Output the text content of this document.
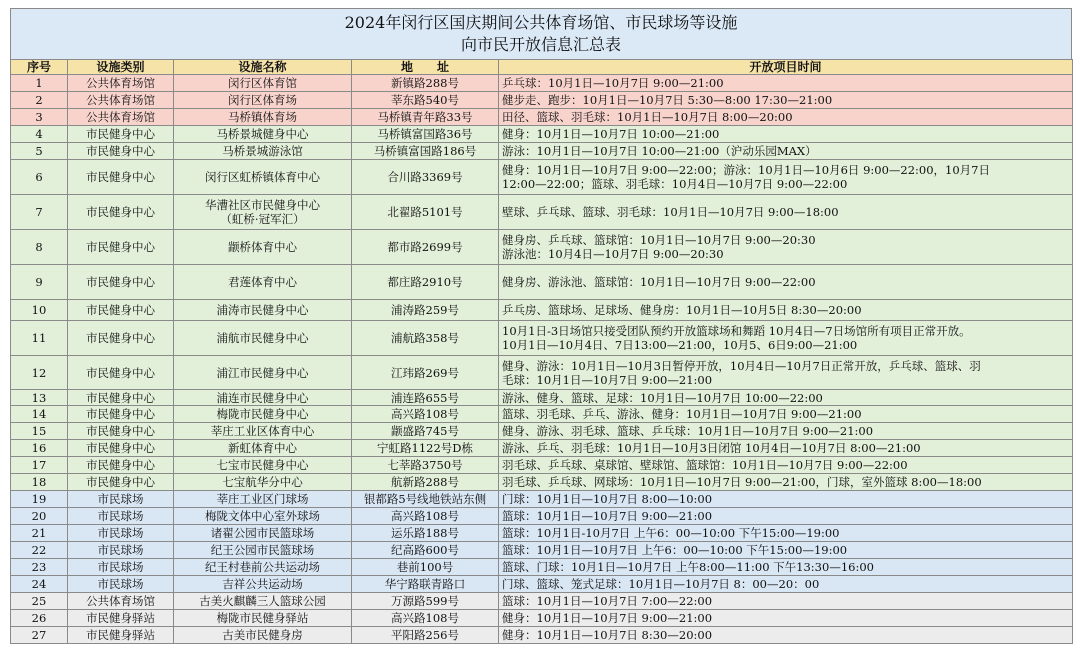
2024年闵行区国庆期间公共体育场馆、市民球场等设施
向市民开放信息汇总表
序号	设施类别	设施名称	地　　址	开放项目时间
1	公共体育场馆	闵行区体育馆	新镇路288号	乒乓球：10月1日—10月7日 9:00—21:00

2	公共体育场馆	闵行区体育场	莘东路540号	健步走、跑步：10月1日—10月7日 5:30—8:00 17:30—21:00

3	公共体育场馆	马桥镇体育场	马桥镇青年路33号	田径、篮球、羽毛球：10月1日—10月7日 8:00—20:00

4	市民健身中心	马桥景城健身中心	马桥镇富国路36号	健身：10月1日—10月7日 10:00—21:00

5	市民健身中心	马桥景城游泳馆	马桥镇富国路186号	游泳：10月1日—10月7日 10:00—21:00（沪动乐园MAX）

6	市民健身中心	闵行区虹桥镇体育中心	合川路3369号	健身：10月1日—10月7日 9:00—22:00；游泳：10月1日—10月6日 9:00—22:00，10月7日
12:00—22:00；篮球、羽毛球：10月4日—10月7日 9:00—22:00

7	市民健身中心	华漕社区市民健身中心
（虹桥·冠军汇）	北翟路5101号	壁球、乒乓球、篮球、羽毛球：10月1日—10月7日 9:00—18:00

8	市民健身中心	颛桥体育中心	都市路2699号	健身房、乒乓球、篮球馆：10月1日—10月7日 9:00—20:30
游泳池：10月4日—10月7日 9:00—20:30

9	市民健身中心	君莲体育中心	都庄路2910号	健身房、游泳池、篮球馆：10月1日—10月7日 9:00—22:00

10	市民健身中心	浦涛市民健身中心	浦涛路259号	乒乓房、篮球场、足球场、健身房：10月1日—10月5日 8:30—20:00

11	市民健身中心	浦航市民健身中心	浦航路358号	10月1日-3日场馆只接受团队预约开放篮球场和舞蹈 10月4日—7日场馆所有项目正常开放。
10月1日—10月4日、7日13:00—21:00，10月5、6日9:00—21:00

12	市民健身中心	浦江市民健身中心	江玮路269号	健身、游泳：10月1日—10月3日暂停开放，10月4日—10月7日正常开放，乒乓球、篮球、羽
毛球：10月1日—10月7日 9:00—21:00

13	市民健身中心	浦连市民健身中心	浦连路655号	游泳、健身、篮球、足球：10月1日—10月7日 10:00—22:00

14	市民健身中心	梅陇市民健身中心	高兴路108号	篮球、羽毛球、乒乓、游泳、健身：10月1日—10月7日 9:00—21:00

15	市民健身中心	莘庄工业区体育中心	颛盛路745号	健身、游泳、羽毛球、篮球、乒乓球：10月1日—10月7日 9:00—21:00

16	市民健身中心	新虹体育中心	宁虹路1122号D栋	游泳、乒乓、羽毛球：10月1日—10月3日闭馆 10月4日—10月7日 8:00—21:00

17	市民健身中心	七宝市民健身中心	七莘路3750号	羽毛球、乒乓球、桌球馆、壁球馆、篮球馆：10月1日—10月7日 9:00—22:00

18	市民健身中心	七宝航华分中心	航新路288号	羽毛球、乒乓球、网球场：10月1日—10月7日 9:00—21:00，门球，室外篮球 8:00—18:00

19	市民球场	莘庄工业区门球场	银都路5号线地铁站东侧	门球：10月1日—10月7日 8:00—10:00

20	市民球场	梅陇文体中心室外球场	高兴路108号	篮球：10月1日—10月7日 9:00—21:00

21	市民球场	诸翟公园市民篮球场	运乐路188号	篮球：10月1日-10月7日 上午6：00—10:00 下午15:00—19:00

22	市民球场	纪王公园市民篮球场	纪高路600号	篮球：10月1日—10月7日 上午6：00—10:00 下午15:00—19:00

23	市民球场	纪王村巷前公共运动场	巷前100号	篮球、门球：10月1日—10月7日 上午8:00—11:00 下午13:30—16:00

24	市民球场	吉祥公共运动场	华宁路联青路口	门球、篮球、笼式足球：10月1日—10月7日 8：00—20：00

25	公共体育场馆	古美火麒麟三人篮球公园	万源路599号	篮球：10月1日—10月7日 7:00—22:00

26	市民健身驿站	梅陇市民健身驿站	高兴路108号	健身：10月1日—10月7日 9:00—21:00

27	市民健身驿站	古美市民健身房	平阳路256号	健身：10月1日—10月7日 8:30—20:00
